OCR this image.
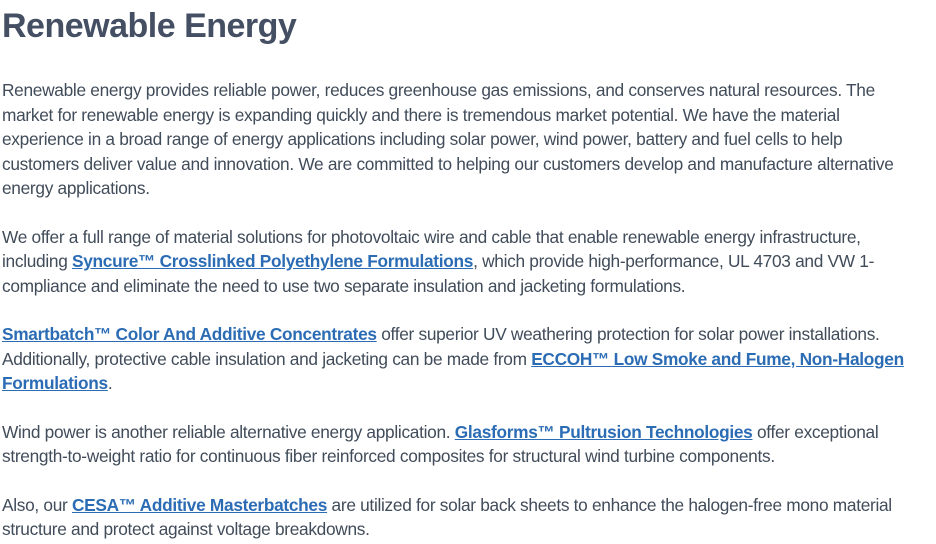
Renewable Energy

Renewable energy provides reliable power, reduces greenhouse gas emissions, and conserves natural resources. The market for renewable energy is expanding quickly and there is tremendous market potential. We have the material experience in a broad range of energy applications including solar power, wind power, battery and fuel cells to help customers deliver value and innovation. We are committed to helping our customers develop and manufacture alternative energy applications.

We offer a full range of material solutions for photovoltaic wire and cable that enable renewable energy infrastructure, including Syncure™ Crosslinked Polyethylene Formulations, which provide high-performance, UL 4703 and VW 1-compliance and eliminate the need to use two separate insulation and jacketing formulations.

Smartbatch™ Color And Additive Concentrates offer superior UV weathering protection for solar power installations. Additionally, protective cable insulation and jacketing can be made from ECCOH™ Low Smoke and Fume, Non-Halogen Formulations.

Wind power is another reliable alternative energy application. Glasforms™ Pultrusion Technologies offer exceptional strength-to-weight ratio for continuous fiber reinforced composites for structural wind turbine components.

Also, our CESA™ Additive Masterbatches are utilized for solar back sheets to enhance the halogen-free mono material structure and protect against voltage breakdowns.
